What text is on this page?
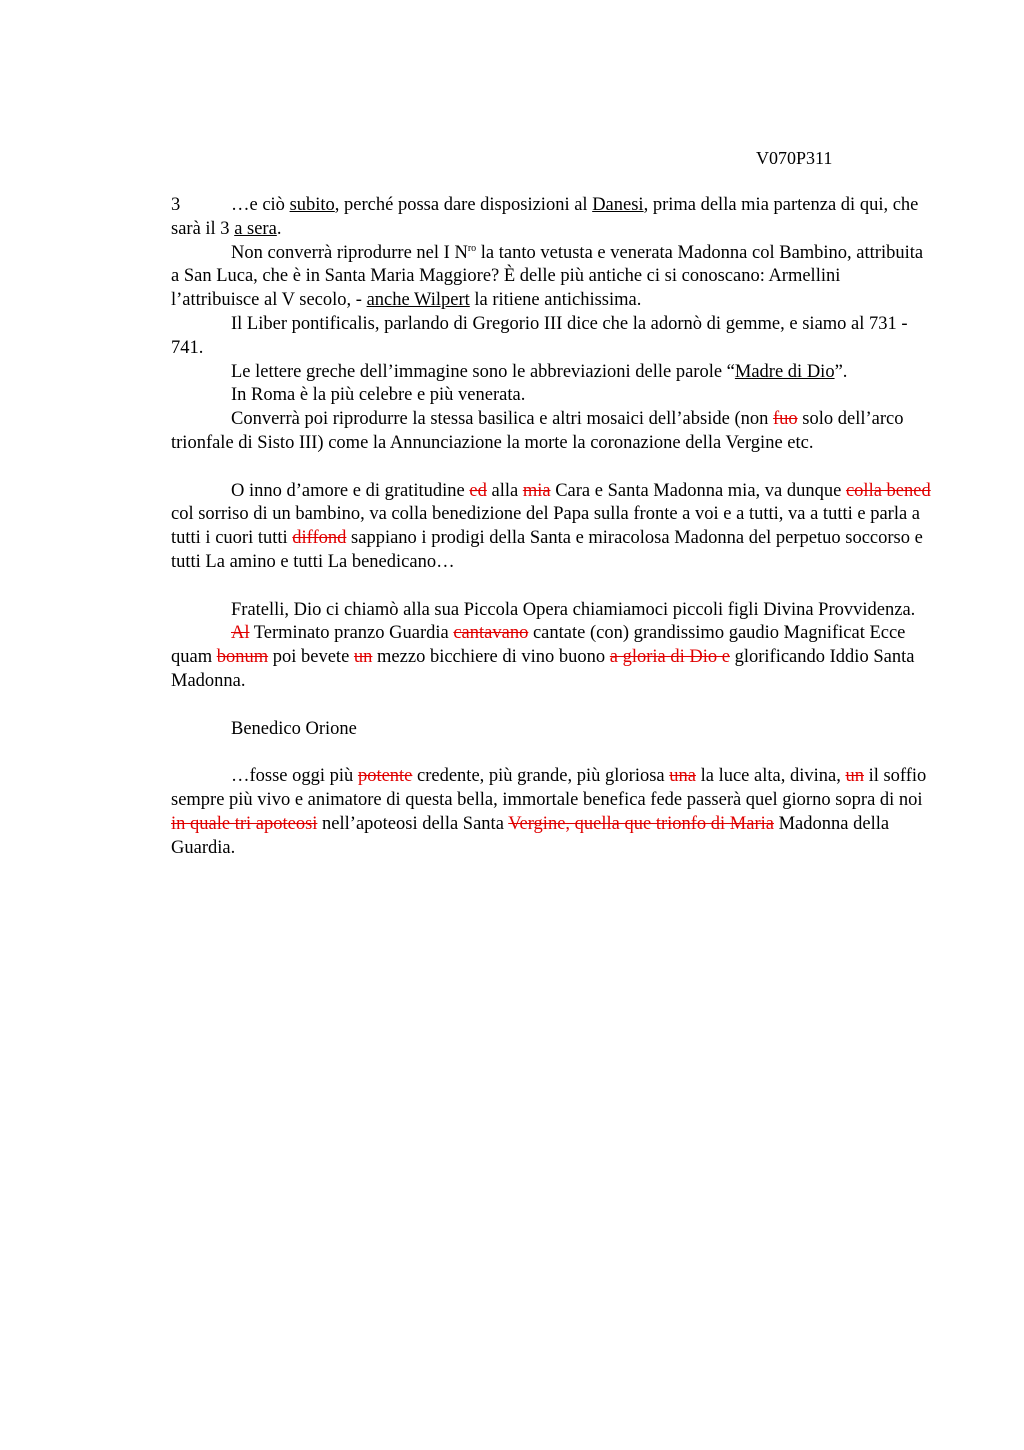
V070P311

3	…e ciò subito, perché possa dare disposizioni al Danesi, prima della mia partenza di qui, che sarà il 3 a sera.

Non converrà riprodurre nel I $N^{ro}$ la tanto vetusta e venerata Madonna col Bambino, attribuita a San Luca, che è in Santa Maria Maggiore? È delle più antiche ci si conoscano: Armellini l’attribuisce al V secolo, - anche Wilpert la ritiene antichissima.

Il Liber pontificalis, parlando di Gregorio III dice che la adornò di gemme, e siamo al 731 - 741.

Le lettere greche dell’immagine sono le abbreviazioni delle parole “Madre di Dio”.

In Roma è la più celebre e più venerata.

Converrà poi riprodurre la stessa basilica e altri mosaici dell’abside (non fuo solo dell’arco trionfale di Sisto III) come la Annunciazione la morte la coronazione della Vergine etc.

O inno d’amore e di gratitudine ed alla mia Cara e Santa Madonna mia, va dunque colla bened col sorriso di un bambino, va colla benedizione del Papa sulla fronte a voi e a tutti, va a tutti e parla a tutti i cuori tutti diffond sappiano i prodigi della Santa e miracolosa Madonna del perpetuo soccorso e tutti La amino e tutti La benedicano…

Fratelli, Dio ci chiamò alla sua Piccola Opera chiamiamoci piccoli figli Divina Provvidenza.

Al Terminato pranzo Guardia cantavano cantate (con) grandissimo gaudio Magnificat Ecce quam bonum poi bevete un mezzo bicchiere di vino buono a gloria di Dio e glorificando Iddio Santa Madonna.

Benedico Orione

…fosse oggi più potente credente, più grande, più gloriosa una la luce alta, divina, un il soffio sempre più vivo e animatore di questa bella, immortale benefica fede passerà quel giorno sopra di noi in quale tri apoteosi nell’apoteosi della Santa Vergine, quella que trionfo di Maria Madonna della Guardia.
